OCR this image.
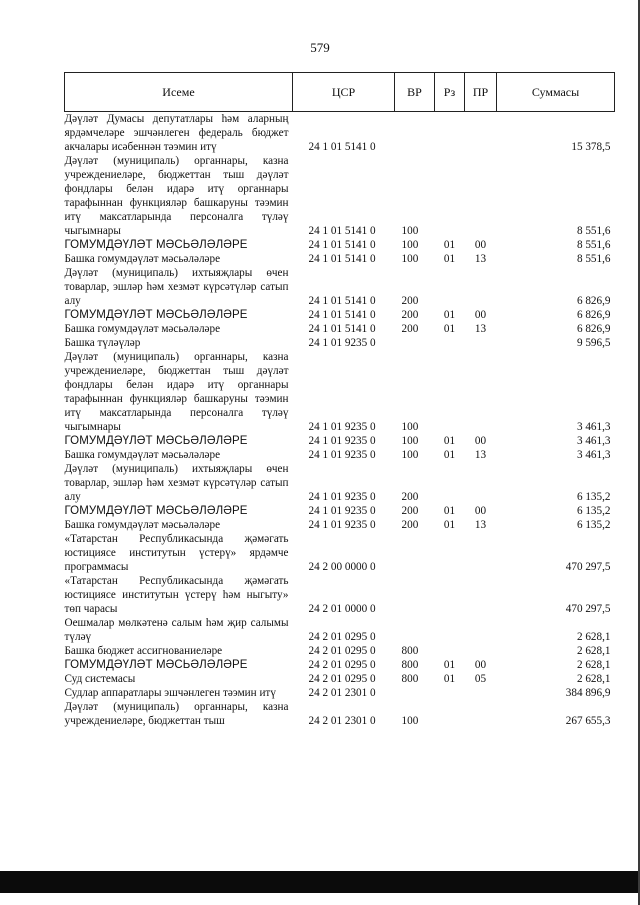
579
Исеме	ЦСР	ВР	Рз	ПР	Суммасы
Дәүләт Думасы депутатлары һәм аларның ярдәмчеләре эшчәнлеген федераль бюджет акчалары исәбеннән тәэмин итү	24 1 01 5141 0				15 378,5
Дәүләт (муниципаль) органнары, казна учреждениеләре, бюджеттан тыш дәүләт фондлары белән идарә итү органнары тарафыннан функцияләр башкаруны тәэмин итү максатларында персоналга түләү чыгымнары	24 1 01 5141 0	100			8 551,6
ГОМУМДӘҮЛӘТ МӘСЬӘЛӘЛӘРЕ	24 1 01 5141 0	100	01	00	8 551,6
Башка гомумдәүләт мәсьәләләре	24 1 01 5141 0	100	01	13	8 551,6
Дәүләт (муниципаль) ихтыяҗлары өчен товарлар, эшләр һәм хезмәт күрсәтүләр сатып алу	24 1 01 5141 0	200			6 826,9
ГОМУМДӘҮЛӘТ МӘСЬӘЛӘЛӘРЕ	24 1 01 5141 0	200	01	00	6 826,9
Башка гомумдәүләт мәсьәләләре	24 1 01 5141 0	200	01	13	6 826,9
Башка түләүләр	24 1 01 9235 0				9 596,5
Дәүләт (муниципаль) органнары, казна учреждениеләре, бюджеттан тыш дәүләт фондлары белән идарә итү органнары тарафыннан функцияләр башкаруны тәэмин итү максатларында персоналга түләү чыгымнары	24 1 01 9235 0	100			3 461,3
ГОМУМДӘҮЛӘТ МӘСЬӘЛӘЛӘРЕ	24 1 01 9235 0	100	01	00	3 461,3
Башка гомумдәүләт мәсьәләләре	24 1 01 9235 0	100	01	13	3 461,3
Дәүләт (муниципаль) ихтыяҗлары өчен товарлар, эшләр һәм хезмәт күрсәтүләр сатып алу	24 1 01 9235 0	200			6 135,2
ГОМУМДӘҮЛӘТ МӘСЬӘЛӘЛӘРЕ	24 1 01 9235 0	200	01	00	6 135,2
Башка гомумдәүләт мәсьәләләре	24 1 01 9235 0	200	01	13	6 135,2
«Татарстан Республикасында җәмәгать юстициясе институтын үстерү» ярдәмче программасы	24 2 00 0000 0				470 297,5
«Татарстан Республикасында җәмәгать юстициясе институтын үстерү һәм ныгыту» төп чарасы	24 2 01 0000 0				470 297,5
Оешмалар мөлкәтенә салым һәм җир салымы түләү	24 2 01 0295 0				2 628,1
Башка бюджет ассигнованиеләре	24 2 01 0295 0	800			2 628,1
ГОМУМДӘҮЛӘТ МӘСЬӘЛӘЛӘРЕ	24 2 01 0295 0	800	01	00	2 628,1
Суд системасы	24 2 01 0295 0	800	01	05	2 628,1
Судлар аппаратлары эшчәнлеген тәэмин итү	24 2 01 2301 0				384 896,9
Дәүләт (муниципаль) органнары, казна учреждениеләре, бюджеттан тыш	24 2 01 2301 0	100			267 655,3
